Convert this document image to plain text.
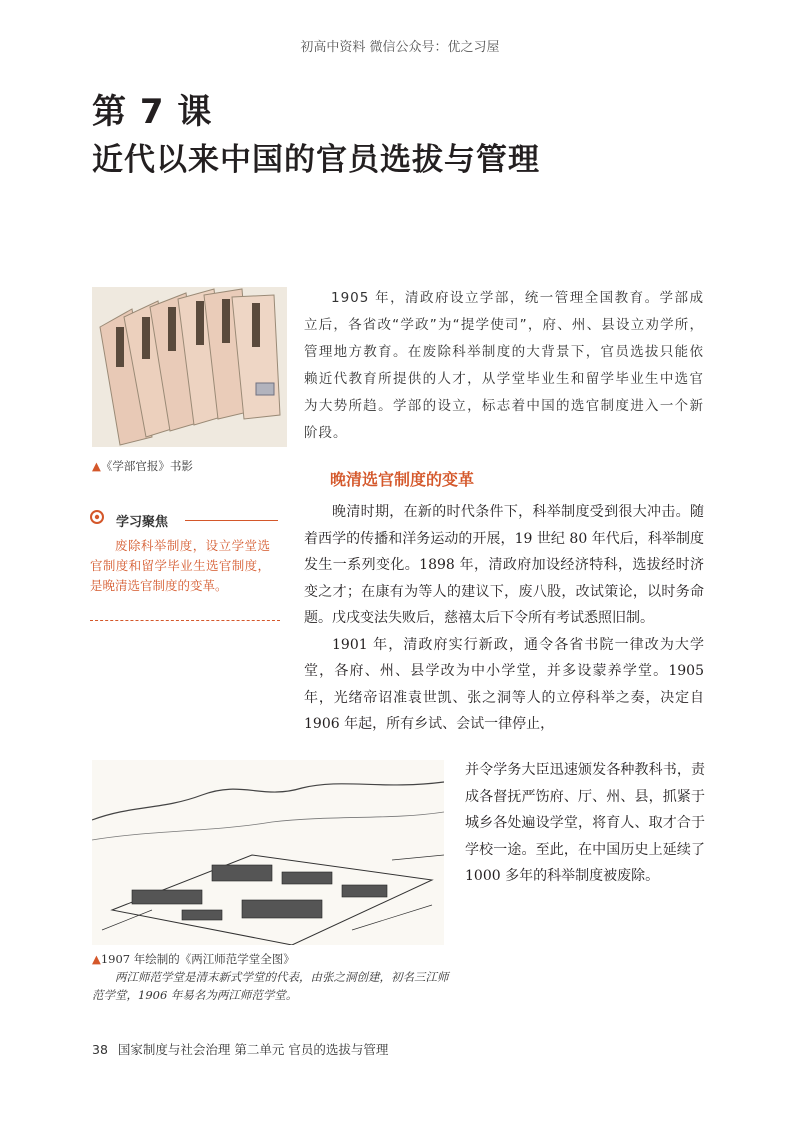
初高中资料 微信公众号：优之习屋
第 7 课
近代以来中国的官员选拔与管理
▲《学部官报》书影

1905 年，清政府设立学部，统一管理全国教育。学部成立后，各省改“学政”为“提学使司”，府、州、县设立劝学所，管理地方教育。在废除科举制度的大背景下，官员选拔只能依赖近代教育所提供的人才，从学堂毕业生和留学毕业生中选官为大势所趋。学部的设立，标志着中国的选官制度进入一个新阶段。

学习聚焦
废除科举制度，设立学堂选官制度和留学毕业生选官制度，是晚清选官制度的变革。
晚清选官制度的变革

晚清时期，在新的时代条件下，科举制度受到很大冲击。随着西学的传播和洋务运动的开展，19 世纪 80 年代后，科举制度发生一系列变化。1898 年，清政府加设经济特科，选拔经时济变之才；在康有为等人的建议下，废八股，改试策论，以时务命题。戊戌变法失败后，慈禧太后下令所有考试悉照旧制。

1901 年，清政府实行新政，通令各省书院一律改为大学堂，各府、州、县学改为中小学堂，并多设蒙养学堂。1905 年，光绪帝诏准袁世凯、张之洞等人的立停科举之奏，决定自 1906 年起，所有乡试、会试一律停止，

并令学务大臣迅速颁发各种教科书，责成各督抚严饬府、厅、州、县，抓紧于城乡各处遍设学堂，将育人、取才合于学校一途。至此，在中国历史上延续了 1000 多年的科举制度被废除。

▲1907 年绘制的《两江师范学堂全图》
两江师范学堂是清末新式学堂的代表，由张之洞创建，初名三江师范学堂，1906 年易名为两江师范学堂。
38 国家制度与社会治理 第二单元 官员的选拔与管理
